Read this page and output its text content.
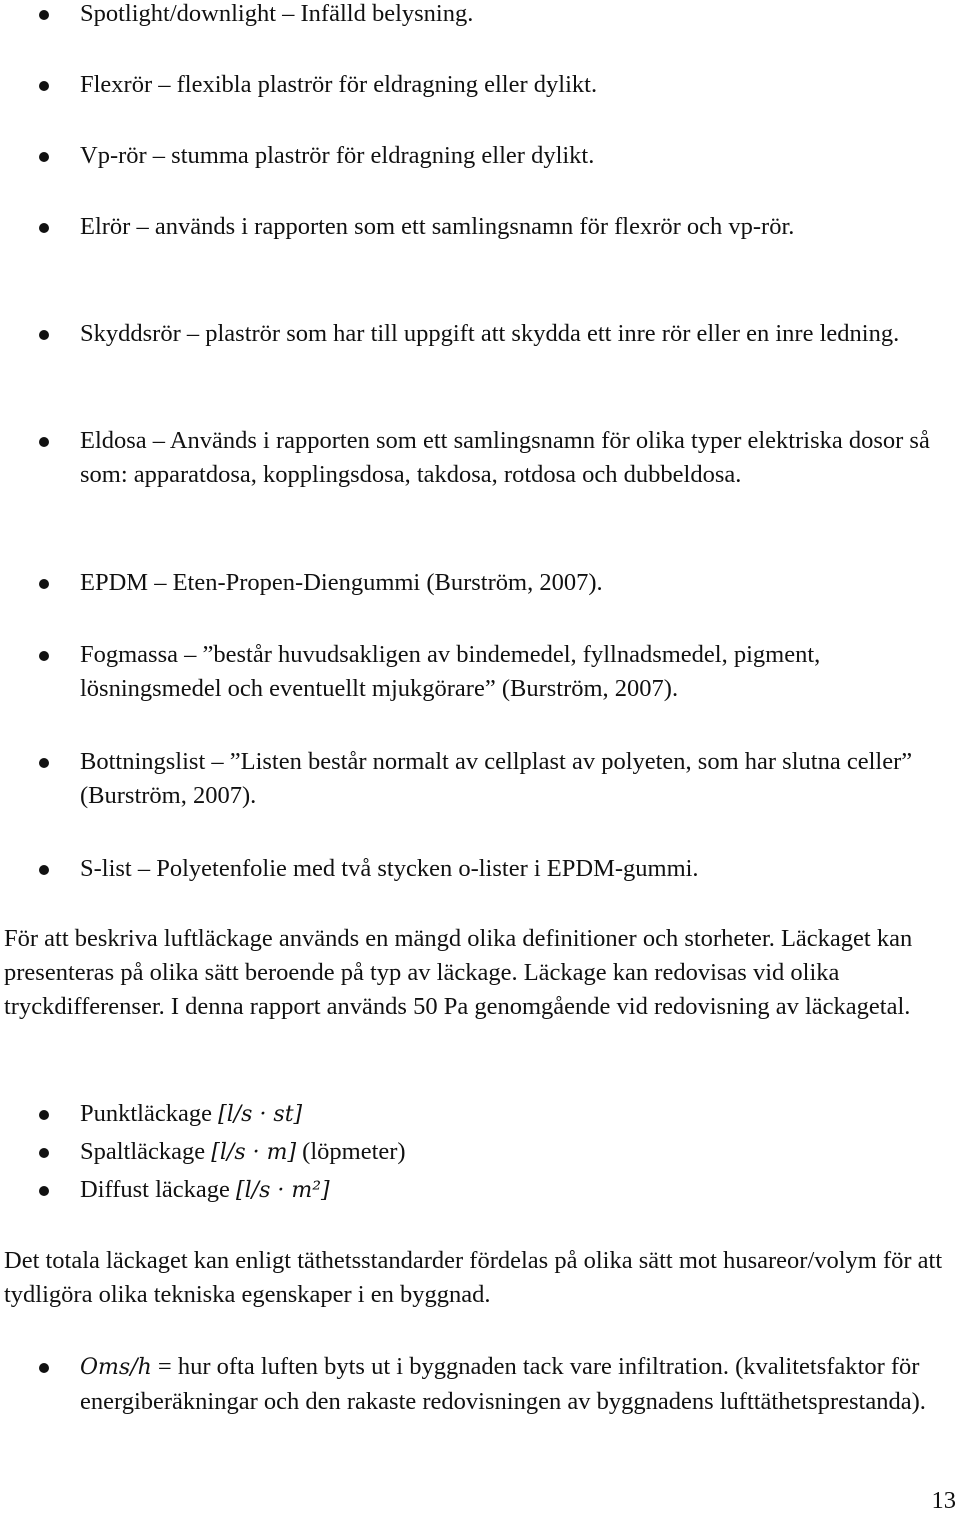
Spotlight/downlight – Infälld belysning.
Flexrör – flexibla plaströr för eldragning eller dylikt.
Vp-rör – stumma plaströr för eldragning eller dylikt.
Elrör – används i rapporten som ett samlingsnamn för flexrör och vp-rör.
Skyddsrör – plaströr som har till uppgift att skydda ett inre rör eller en inre ledning.
Eldosa – Används i rapporten som ett samlingsnamn för olika typer elektriska dosor så som: apparatdosa, kopplingsdosa, takdosa, rotdosa och dubbeldosa.
EPDM – Eten-Propen-Diengummi (Burström, 2007).
Fogmassa – ”består huvudsakligen av bindemedel, fyllnadsmedel, pigment, lösningsmedel och eventuellt mjukgörare” (Burström, 2007).
Bottningslist – ”Listen består normalt av cellplast av polyeten, som har slutna celler” (Burström, 2007).
S-list – Polyetenfolie med två stycken o-lister i EPDM-gummi.
För att beskriva luftläckage används en mängd olika definitioner och storheter. Läckaget kan presenteras på olika sätt beroende på typ av läckage. Läckage kan redovisas vid olika tryckdifferenser. I denna rapport används 50 Pa genomgående vid redovisning av läckagetal.
Punktläckage [l/s · st]
Spaltläckage [l/s · m] (löpmeter)
Diffust läckage [l/s · m²]
Det totala läckaget kan enligt täthetsstandarder fördelas på olika sätt mot husareor/volym för att tydligöra olika tekniska egenskaper i en byggnad.
Oms/h = hur ofta luften byts ut i byggnaden tack vare infiltration. (kvalitetsfaktor för energiberäkningar och den rakaste redovisningen av byggnadens lufttäthetsprestanda).
13
